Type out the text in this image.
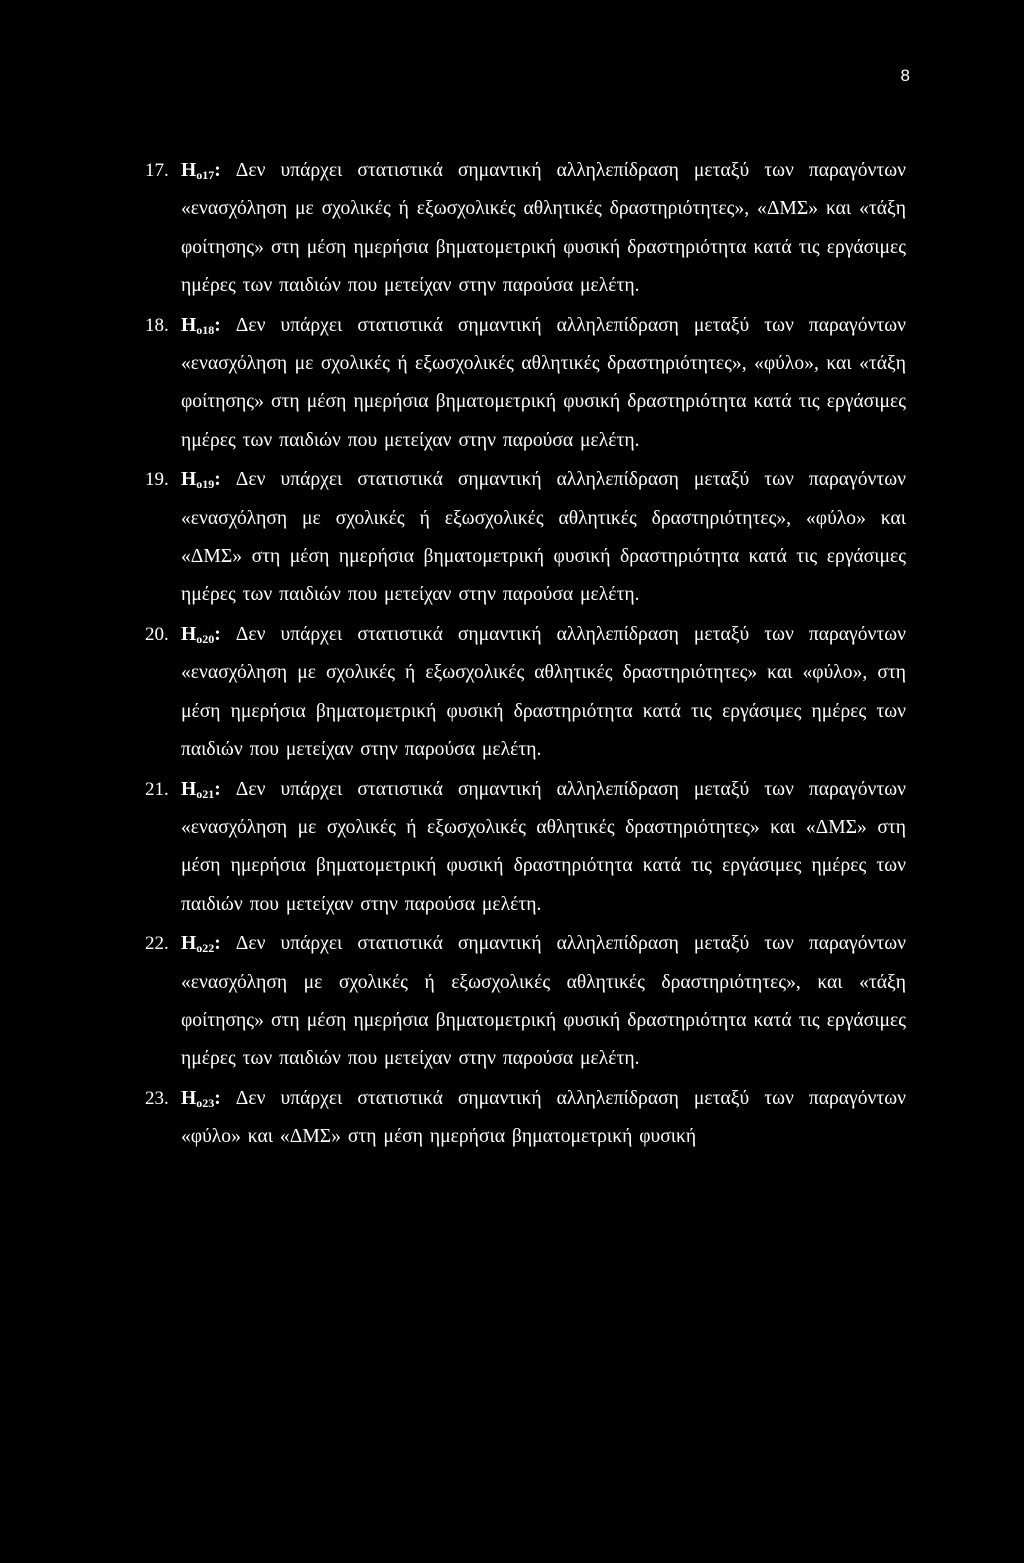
8
17. $H_{o17}$: Δεν υπάρχει στατιστικά σημαντική αλληλεπίδραση μεταξύ των παραγόντων «ενασχόληση με σχολικές ή εξωσχολικές αθλητικές δραστηριότητες», «ΔΜΣ» και «τάξη φοίτησης» στη μέση ημερήσια βηματομετρική φυσική δραστηριότητα κατά τις εργάσιμες ημέρες των παιδιών που μετείχαν στην παρούσα μελέτη.
18. $H_{o18}$: Δεν υπάρχει στατιστικά σημαντική αλληλεπίδραση μεταξύ των παραγόντων «ενασχόληση με σχολικές ή εξωσχολικές αθλητικές δραστηριότητες», «φύλο», και «τάξη φοίτησης» στη μέση ημερήσια βηματομετρική φυσική δραστηριότητα κατά τις εργάσιμες ημέρες των παιδιών που μετείχαν στην παρούσα μελέτη.
19. $H_{o19}$: Δεν υπάρχει στατιστικά σημαντική αλληλεπίδραση μεταξύ των παραγόντων «ενασχόληση με σχολικές ή εξωσχολικές αθλητικές δραστηριότητες», «φύλο» και «ΔΜΣ» στη μέση ημερήσια βηματομετρική φυσική δραστηριότητα κατά τις εργάσιμες ημέρες των παιδιών που μετείχαν στην παρούσα μελέτη.
20. $H_{o20}$: Δεν υπάρχει στατιστικά σημαντική αλληλεπίδραση μεταξύ των παραγόντων «ενασχόληση με σχολικές ή εξωσχολικές αθλητικές δραστηριότητες» και «φύλο», στη μέση ημερήσια βηματομετρική φυσική δραστηριότητα κατά τις εργάσιμες ημέρες των παιδιών που μετείχαν στην παρούσα μελέτη.
21. $H_{o21}$: Δεν υπάρχει στατιστικά σημαντική αλληλεπίδραση μεταξύ των παραγόντων «ενασχόληση με σχολικές ή εξωσχολικές αθλητικές δραστηριότητες» και «ΔΜΣ» στη μέση ημερήσια βηματομετρική φυσική δραστηριότητα κατά τις εργάσιμες ημέρες των παιδιών που μετείχαν στην παρούσα μελέτη.
22. $H_{o22}$: Δεν υπάρχει στατιστικά σημαντική αλληλεπίδραση μεταξύ των παραγόντων «ενασχόληση με σχολικές ή εξωσχολικές αθλητικές δραστηριότητες», και «τάξη φοίτησης» στη μέση ημερήσια βηματομετρική φυσική δραστηριότητα κατά τις εργάσιμες ημέρες των παιδιών που μετείχαν στην παρούσα μελέτη.
23. $H_{o23}$: Δεν υπάρχει στατιστικά σημαντική αλληλεπίδραση μεταξύ των παραγόντων «φύλο» και «ΔΜΣ» στη μέση ημερήσια βηματομετρική φυσική
